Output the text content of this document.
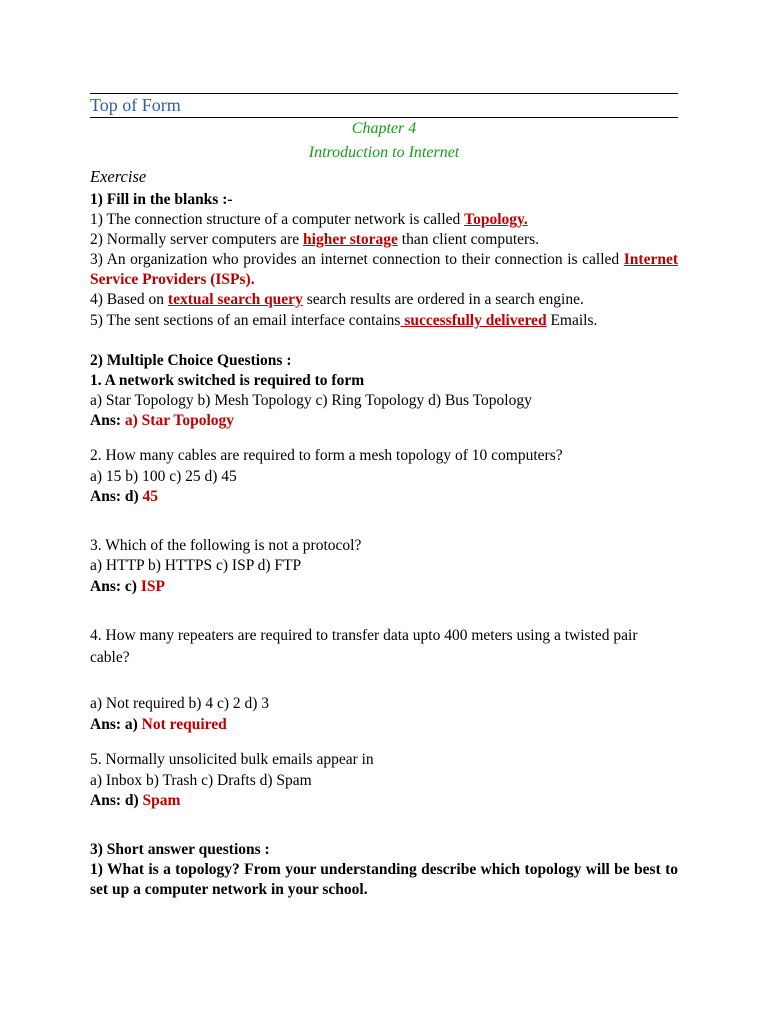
Top of Form
Chapter 4
Introduction to Internet
Exercise
1) Fill in the blanks :-
1) The connection structure of a computer network is called Topology.
2) Normally server computers are higher storage than client computers.
3) An organization who provides an internet connection to their connection is called Internet Service Providers (ISPs).
4) Based on textual search query search results are ordered in a search engine.
5) The sent sections of an email interface contains successfully delivered Emails.
2) Multiple Choice Questions :
1. A network switched is required to form
a) Star Topology b) Mesh Topology c) Ring Topology d) Bus Topology
Ans: a) Star Topology
2. How many cables are required to form a mesh topology of 10 computers?
a) 15 b) 100 c) 25 d) 45
Ans: d) 45
3. Which of the following is not a protocol?
a) HTTP b) HTTPS c) ISP d) FTP
Ans: c) ISP
4. How many repeaters are required to transfer data upto 400 meters using a twisted pair cable?
a) Not required b) 4 c) 2 d) 3
Ans: a) Not required
5. Normally unsolicited bulk emails appear in
a) Inbox b) Trash c) Drafts d) Spam
Ans: d) Spam
3) Short answer questions :
1) What is a topology? From your understanding describe which topology will be best to set up a computer network in your school.
